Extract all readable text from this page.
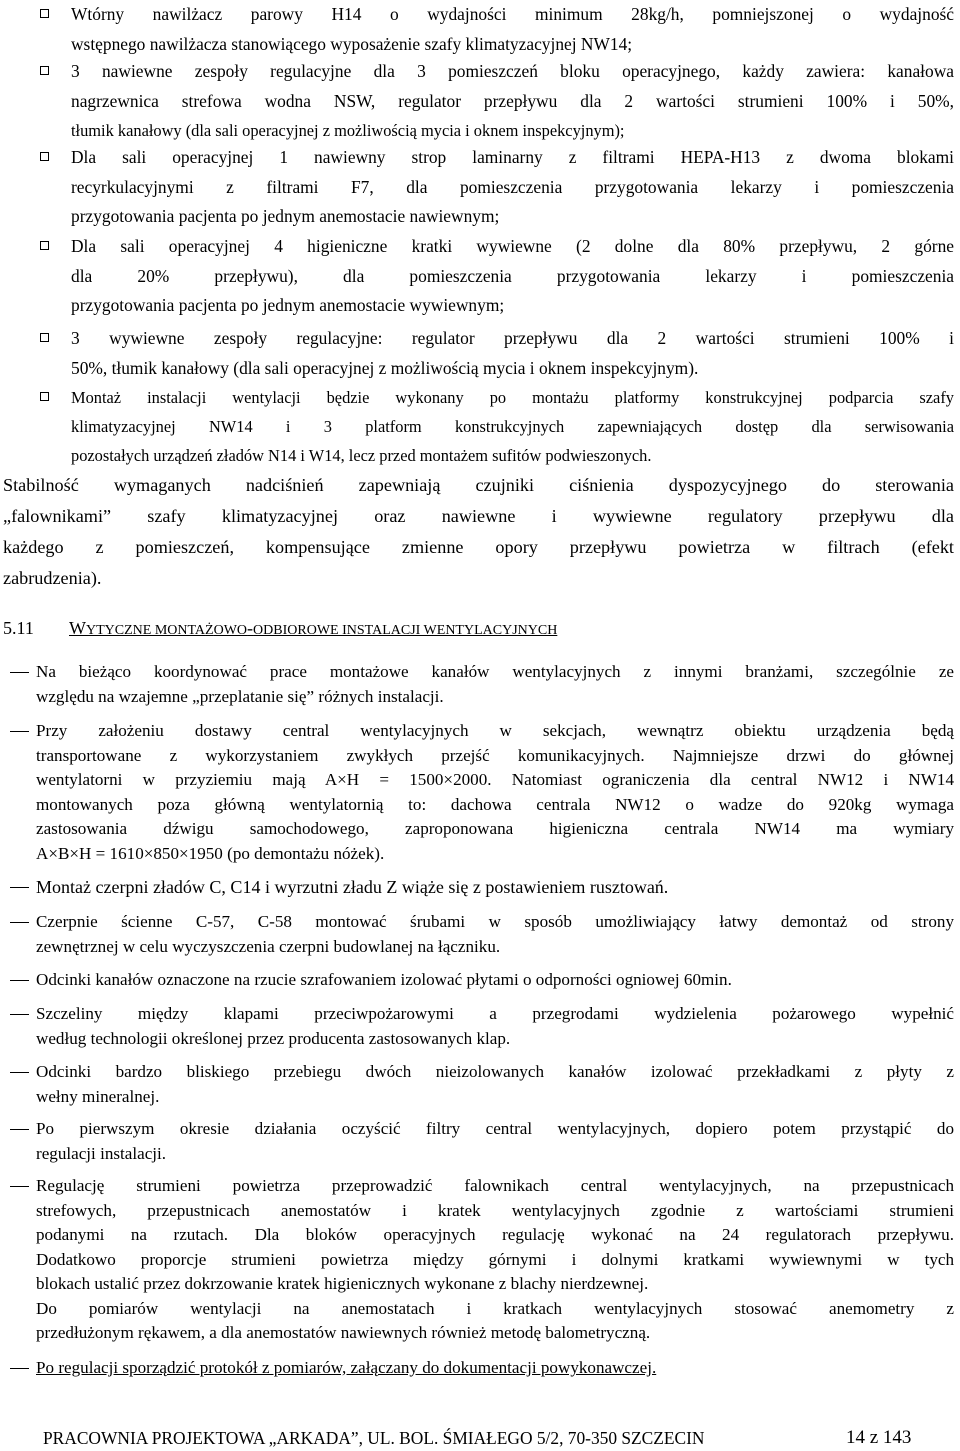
Wtórny nawilżacz parowy H14 o wydajności minimum 28kg/h, pomniejszonej o wydajność
wstępnego nawilżacza stanowiącego wyposażenie szafy klimatyzacyjnej NW14;
3 nawiewne zespoły regulacyjne dla 3 pomieszczeń bloku operacyjnego, każdy zawiera: kanałowa
nagrzewnica strefowa wodna NSW, regulator przepływu dla 2 wartości strumieni 100% i 50%,
tłumik kanałowy (dla sali operacyjnej z możliwością mycia i oknem inspekcyjnym);
Dla sali operacyjnej 1 nawiewny strop laminarny z filtrami HEPA-H13 z dwoma blokami
recyrkulacyjnymi z filtrami F7, dla pomieszczenia przygotowania lekarzy i pomieszczenia
przygotowania pacjenta po jednym anemostacie nawiewnym;
Dla sali operacyjnej 4 higieniczne kratki wywiewne (2 dolne dla 80% przepływu, 2 górne
dla 20% przepływu), dla pomieszczenia przygotowania lekarzy i pomieszczenia
przygotowania pacjenta po jednym anemostacie wywiewnym;
3 wywiewne zespoły regulacyjne: regulator przepływu dla 2 wartości strumieni 100% i
50%, tłumik kanałowy (dla sali operacyjnej z możliwością mycia i oknem inspekcyjnym).
Montaż instalacji wentylacji będzie wykonany po montażu platformy konstrukcyjnej podparcia szafy
klimatyzacyjnej NW14 i 3 platform konstrukcyjnych zapewniających dostęp dla serwisowania
pozostałych urządzeń zładów N14 i W14, lecz przed montażem sufitów podwieszonych.
Stabilność wymaganych nadciśnień zapewniają czujniki ciśnienia dyspozycyjnego do sterowania
„falownikami” szafy klimatyzacyjnej oraz nawiewne i wywiewne regulatory przepływu dla
każdego z pomieszczeń, kompensujące zmienne opory przepływu powietrza w filtrach (efekt
zabrudzenia).
5.11 WYTYCZNE MONTAŻOWO-ODBIOROWE INSTALACJI WENTYLACYJNYCH
Na bieżąco koordynować prace montażowe kanałów wentylacyjnych z innymi branżami, szczególnie ze
względu na wzajemne „przeplatanie się” różnych instalacji.
Przy założeniu dostawy central wentylacyjnych w sekcjach, wewnątrz obiektu urządzenia będą
transportowane z wykorzystaniem zwykłych przejść komunikacyjnych. Najmniejsze drzwi do głównej
wentylatorni w przyziemiu mają A×H = 1500×2000. Natomiast ograniczenia dla central NW12 i NW14
montowanych poza główną wentylatornią to: dachowa centrala NW12 o wadze do 920kg wymaga
zastosowania dźwigu samochodowego, zaproponowana higieniczna centrala NW14 ma wymiary
A×B×H = 1610×850×1950 (po demontażu nóżek).
Montaż czerpni zładów C, C14 i wyrzutni zładu Z wiąże się z postawieniem rusztowań.
Czerpnie ścienne C-57, C-58 montować śrubami w sposób umożliwiający łatwy demontaż od strony
zewnętrznej w celu wyczyszczenia czerpni budowlanej na łączniku.
Odcinki kanałów oznaczone na rzucie szrafowaniem izolować płytami o odporności ogniowej 60min.
Szczeliny między klapami przeciwpożarowymi a przegrodami wydzielenia pożarowego wypełnić
według technologii określonej przez producenta zastosowanych klap.
Odcinki bardzo bliskiego przebiegu dwóch nieizolowanych kanałów izolować przekładkami z płyty z
wełny mineralnej.
Po pierwszym okresie działania oczyścić filtry central wentylacyjnych, dopiero potem przystąpić do
regulacji instalacji.
Regulację strumieni powietrza przeprowadzić falownikach central wentylacyjnych, na przepustnicach
strefowych, przepustnicach anemostatów i kratek wentylacyjnych zgodnie z wartościami strumieni
podanymi na rzutach. Dla bloków operacyjnych regulację wykonać na 24 regulatorach przepływu.
Dodatkowo proporcje strumieni powietrza między górnymi i dolnymi kratkami wywiewnymi w tych
blokach ustalić przez dokrzowanie kratek higienicznych wykonane z blachy nierdzewnej.
Do pomiarów wentylacji na anemostatach i kratkach wentylacyjnych stosować anemometry z
przedłużonym rękawem, a dla anemostatów nawiewnych również metodę balometryczną.
Po regulacji sporządzić protokół z pomiarów, załączany do dokumentacji powykonawczej.
PRACOWNIA PROJEKTOWA „ARKADA”, UL. BOL. ŚMIAŁEGO 5/2, 70-350 SZCZECIN	14 z 143
